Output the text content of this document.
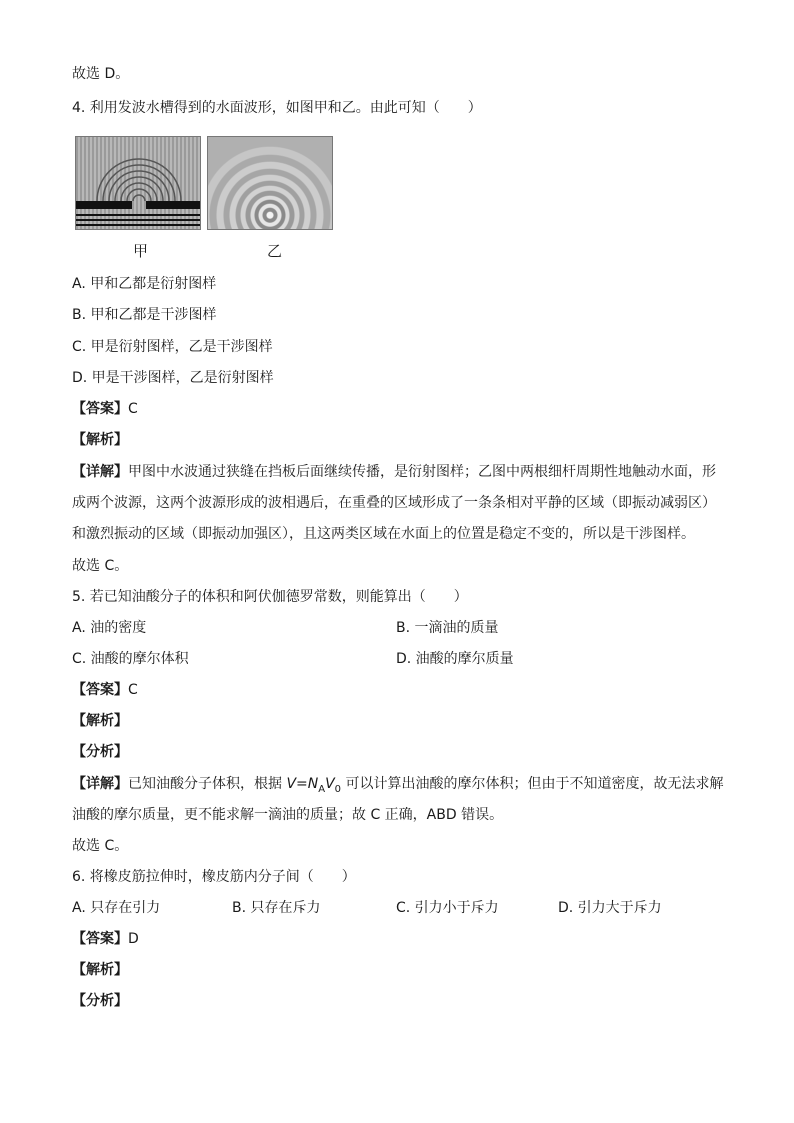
故选 D。
4. 利用发波水槽得到的水面波形，如图甲和乙。由此可知（　　）
甲	乙
A. 甲和乙都是衍射图样
B. 甲和乙都是干涉图样
C. 甲是衍射图样，乙是干涉图样
D. 甲是干涉图样，乙是衍射图样
【答案】C
【解析】
【详解】甲图中水波通过狭缝在挡板后面继续传播，是衍射图样；乙图中两根细杆周期性地触动水面，形
成两个波源，这两个波源形成的波相遇后，在重叠的区域形成了一条条相对平静的区域（即振动减弱区）
和激烈振动的区域（即振动加强区），且这两类区域在水面上的位置是稳定不变的，所以是干涉图样。
故选 C。
5. 若已知油酸分子的体积和阿伏伽德罗常数，则能算出（　　）
A. 油的密度	B. 一滴油的质量
C. 油酸的摩尔体积	D. 油酸的摩尔质量
【答案】C
【解析】
【分析】
【详解】已知油酸分子体积，根据 $V=N_AV_0$ 可以计算出油酸的摩尔体积；但由于不知道密度，故无法求解
油酸的摩尔质量，更不能求解一滴油的质量；故 C 正确，ABD 错误。
故选 C。
6. 将橡皮筋拉伸时，橡皮筋内分子间（　　）
A. 只存在引力	B. 只存在斥力	C. 引力小于斥力	D. 引力大于斥力
【答案】D
【解析】
【分析】
